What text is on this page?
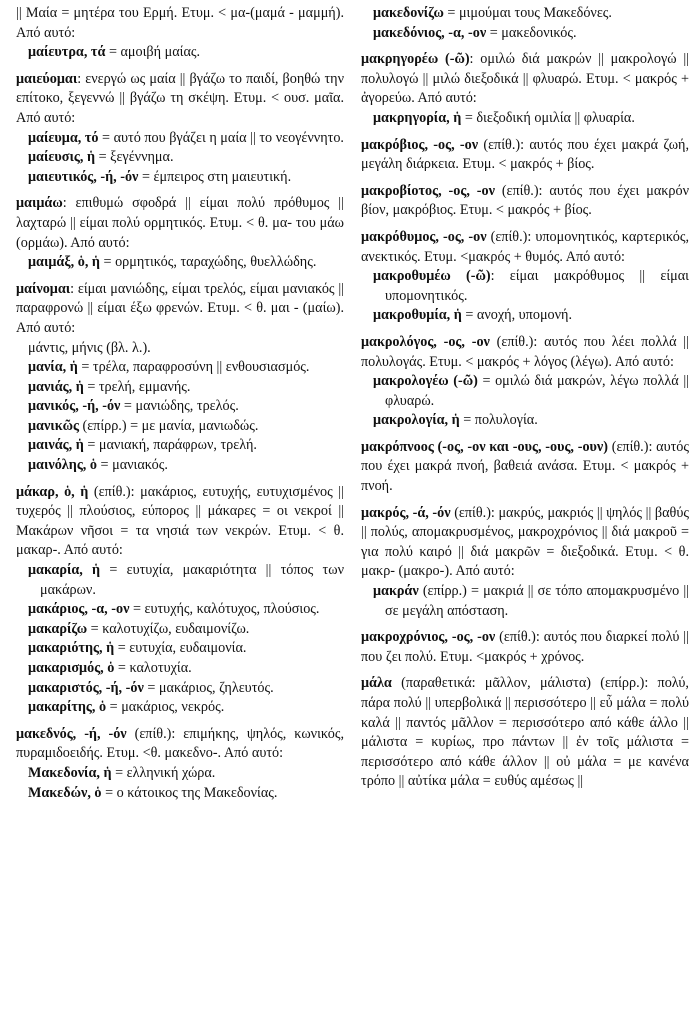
|| Μαία = μητέρα του Ερμή. Ετυμ. < μα-(μαμά - μαμμή). Από αυτό:

μαίευτρα, τά = αμοιβή μαίας.

μαιεύομαι: ενεργώ ως μαία || βγάζω το παιδί, βοηθώ την επίτοκο, ξεγεννώ || βγάζω τη σκέψη. Ετυμ. < ουσ. μαῖα. Από αυτό:

μαίευμα, τό = αυτό που βγάζει η μαία || το νεογέννητο.

μαίευσις, ἡ = ξεγέννημα.

μαιευτικός, -ή, -όν = έμπειρος στη μαιευτική.

μαιμάω: επιθυμώ σφοδρά || είμαι πολύ πρόθυμος || λαχταρώ || είμαι πολύ ορμητικός. Ετυμ. < θ. μα- του μάω (ορμάω). Από αυτό:

μαιμάξ, ὁ, ἡ = ορμητικός, ταραχώδης, θυελλώδης.

μαίνομαι: είμαι μανιώδης, είμαι τρελός, είμαι μανιακός || παραφρονώ || είμαι έξω φρενών. Ετυμ. < θ. μαι - (μαίω). Από αυτό:

μάντις, μήνις (βλ. λ.).

μανία, ἡ = τρέλα, παραφροσύνη || ενθουσιασμός.

μανιάς, ἡ = τρελή, εμμανής.

μανικός, -ή, -όν = μανιώδης, τρελός.

μανικῶς (επίρρ.) = με μανία, μανιωδώς.

μαινάς, ἡ = μανιακή, παράφρων, τρελή.

μαινόλης, ὁ = μανιακός.

μάκαρ, ὁ, ἡ (επίθ.): μακάριος, ευτυχής, ευτυχισμένος || τυχερός || πλούσιος, εύπορος || μάκαρες = οι νεκροί || Μακάρων νῆσοι = τα νησιά των νεκρών. Ετυμ. < θ. μακαρ-. Από αυτό:

μακαρία, ἡ = ευτυχία, μακαριότητα || τόπος των μακάρων.

μακάριος, -α, -ον = ευτυχής, καλότυχος, πλούσιος.

μακαρίζω = καλοτυχίζω, ευδαιμονίζω.

μακαριότης, ἡ = ευτυχία, ευδαιμονία.

μακαρισμός, ὁ = καλοτυχία.

μακαριστός, -ή, -όν = μακάριος, ζηλευτός.

μακαρίτης, ὁ = μακάριος, νεκρός.

μακεδνός, -ή, -όν (επίθ.): επιμήκης, ψηλός, κωνικός, πυραμιδοειδής. Ετυμ. <θ. μακεδνο-. Από αυτό:

Μακεδονία, ἡ = ελληνική χώρα.

Μακεδών, ὁ = ο κάτοικος της Μακεδονίας.

μακεδονίζω = μιμούμαι τους Μακεδόνες.

μακεδόνιος, -α, -ον = μακεδονικός.

μακρηγορέω (-ῶ): ομιλώ διά μακρών || μακρολογώ || πολυλογώ || μιλώ διεξοδικά || φλυαρώ. Ετυμ. < μακρός + ἀγορεύω. Από αυτό:

μακρηγορία, ἡ = διεξοδική ομιλία || φλυαρία.

μακρόβιος, -ος, -ον (επίθ.): αυτός που έχει μακρά ζωή, μεγάλη διάρκεια. Ετυμ. < μακρός + βίος.

μακροβίοτος, -ος, -ον (επίθ.): αυτός που έχει μακρόν βίον, μακρόβιος. Ετυμ. < μακρός + βίος.

μακρόθυμος, -ος, -ον (επίθ.): υπομονητικός, καρτερικός, ανεκτικός. Ετυμ. <μακρός + θυμός. Από αυτό:

μακροθυμέω (-ῶ): είμαι μακρόθυμος || είμαι υπομονητικός.

μακροθυμία, ἡ = ανοχή, υπομονή.

μακρολόγος, -ος, -ον (επίθ.): αυτός που λέει πολλά || πολυλογάς. Ετυμ. < μακρός + λόγος (λέγω). Από αυτό:

μακρολογέω (-ῶ) = ομιλώ διά μακρών, λέγω πολλά || φλυαρώ.

μακρολογία, ἡ = πολυλογία.

μακρόπνοος (-ος, -ον και -ους, -ους, -ουν) (επίθ.): αυτός που έχει μακρά πνοή, βαθειά ανάσα. Ετυμ. < μακρός + πνοή.

μακρός, -ά, -όν (επίθ.): μακρύς, μακριός || ψηλός || βαθύς || πολύς, απομακρυσμένος, μακροχρόνιος || διά μακροῦ = για πολύ καιρό || διά μακρῶν = διεξοδικά. Ετυμ. < θ. μακρ- (μακρο-). Από αυτό:

μακράν (επίρρ.) = μακριά || σε τόπο απομακρυσμένο || σε μεγάλη απόσταση.

μακροχρόνιος, -ος, -ον (επίθ.): αυτός που διαρκεί πολύ || που ζει πολύ. Ετυμ. <μακρός + χρόνος.

μάλα (παραθετικά: μᾶλλον, μάλιστα) (επίρρ.): πολύ, πάρα πολύ || υπερβολικά || περισσότερο || εὖ μάλα = πολύ καλά || παντός μᾶλλον = περισσότερο από κάθε άλλο || μάλιστα = κυρίως, προ πάντων || ἐν τοῖς μάλιστα = περισσότερο από κάθε άλλον || οὐ μάλα = με κανένα τρόπο || αὐτίκα μάλα = ευθύς αμέσως ||
